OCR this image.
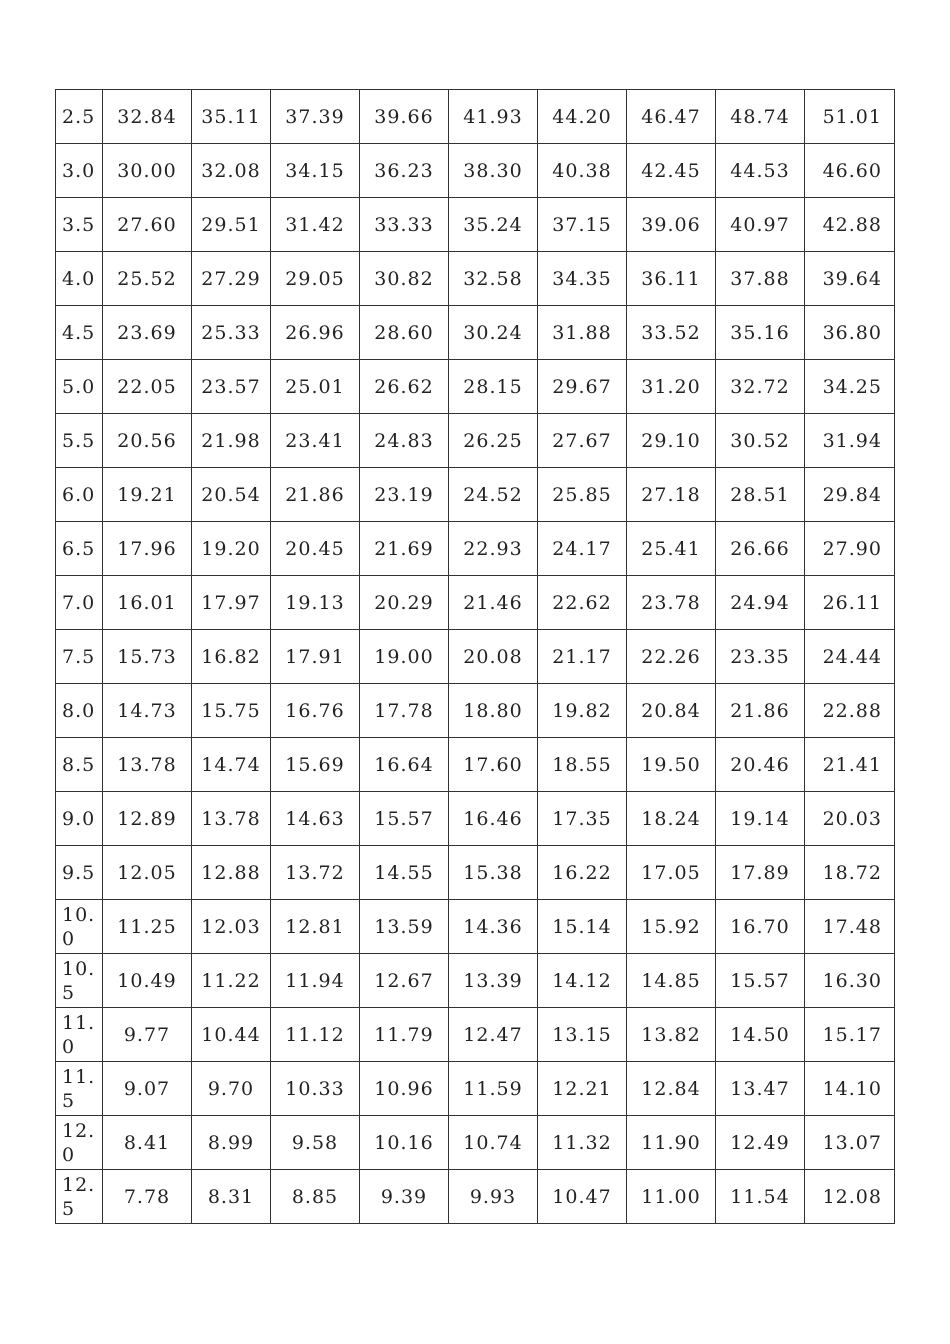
2.5	32.84	35.11	37.39	39.66	41.93	44.20	46.47	48.74	51.01
3.0	30.00	32.08	34.15	36.23	38.30	40.38	42.45	44.53	46.60
3.5	27.60	29.51	31.42	33.33	35.24	37.15	39.06	40.97	42.88
4.0	25.52	27.29	29.05	30.82	32.58	34.35	36.11	37.88	39.64
4.5	23.69	25.33	26.96	28.60	30.24	31.88	33.52	35.16	36.80
5.0	22.05	23.57	25.01	26.62	28.15	29.67	31.20	32.72	34.25
5.5	20.56	21.98	23.41	24.83	26.25	27.67	29.10	30.52	31.94
6.0	19.21	20.54	21.86	23.19	24.52	25.85	27.18	28.51	29.84
6.5	17.96	19.20	20.45	21.69	22.93	24.17	25.41	26.66	27.90
7.0	16.01	17.97	19.13	20.29	21.46	22.62	23.78	24.94	26.11
7.5	15.73	16.82	17.91	19.00	20.08	21.17	22.26	23.35	24.44
8.0	14.73	15.75	16.76	17.78	18.80	19.82	20.84	21.86	22.88
8.5	13.78	14.74	15.69	16.64	17.60	18.55	19.50	20.46	21.41
9.0	12.89	13.78	14.63	15.57	16.46	17.35	18.24	19.14	20.03
9.5	12.05	12.88	13.72	14.55	15.38	16.22	17.05	17.89	18.72
10.0	11.25	12.03	12.81	13.59	14.36	15.14	15.92	16.70	17.48
10.5	10.49	11.22	11.94	12.67	13.39	14.12	14.85	15.57	16.30
11.0	9.77	10.44	11.12	11.79	12.47	13.15	13.82	14.50	15.17
11.5	9.07	9.70	10.33	10.96	11.59	12.21	12.84	13.47	14.10
12.0	8.41	8.99	9.58	10.16	10.74	11.32	11.90	12.49	13.07
12.5	7.78	8.31	8.85	9.39	9.93	10.47	11.00	11.54	12.08
